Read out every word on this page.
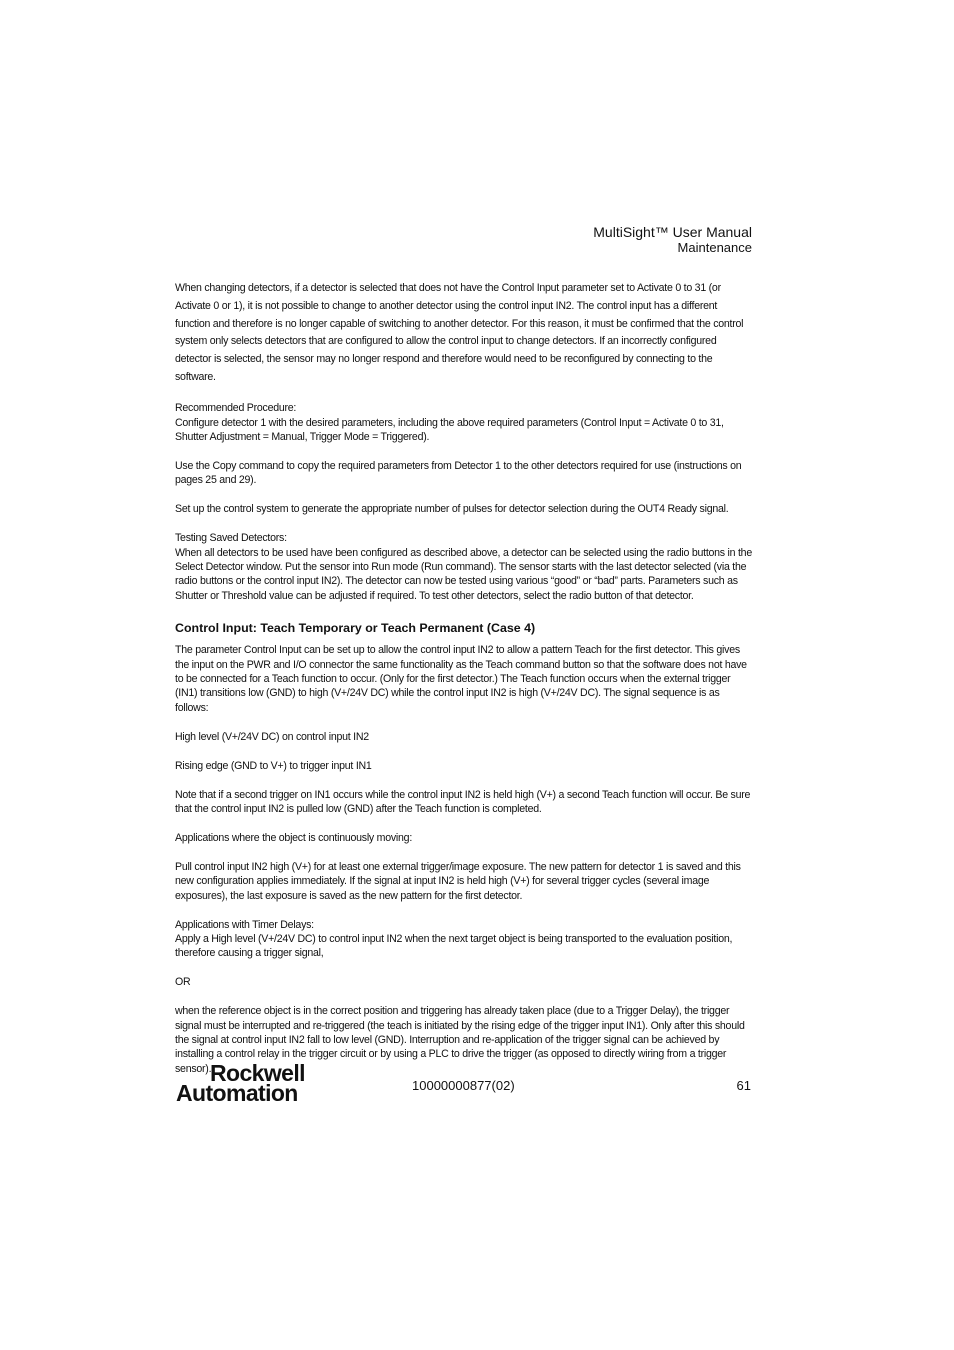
MultiSight™ User Manual
Maintenance

When changing detectors, if a detector is selected that does not have the Control Input parameter set to Activate 0 to 31 (or Activate 0 or 1), it is not possible to change to another detector using the control input IN2. The control input has a different function and therefore is no longer capable of switching to another detector. For this reason, it must be confirmed that the control system only selects detectors that are configured to allow the control input to change detectors. If an incorrectly configured detector is selected, the sensor may no longer respond and therefore would need to be reconfigured by connecting to the software.

Recommended Procedure:

Configure detector 1 with the desired parameters, including the above required parameters (Control Input = Activate 0 to 31, Shutter Adjustment = Manual, Trigger Mode = Triggered).

Use the Copy command to copy the required parameters from Detector 1 to the other detectors required for use (instructions on pages 25 and 29).

Set up the control system to generate the appropriate number of pulses for detector selection during the OUT4 Ready signal.

Testing Saved Detectors:

When all detectors to be used have been configured as described above, a detector can be selected using the radio buttons in the Select Detector window. Put the sensor into Run mode (Run command). The sensor starts with the last detector selected (via the radio buttons or the control input IN2). The detector can now be tested using various “good” or “bad” parts. Parameters such as Shutter or Threshold value can be adjusted if required. To test other detectors, select the radio button of that detector.

Control Input: Teach Temporary or Teach Permanent (Case 4)

The parameter Control Input can be set up to allow the control input IN2 to allow a pattern Teach for the first detector. This gives the input on the PWR and I/O connector the same functionality as the Teach command button so that the software does not have to be connected for a Teach function to occur. (Only for the first detector.) The Teach function occurs when the external trigger (IN1) transitions low (GND) to high (V+/24V DC) while the control input IN2 is high (V+/24V DC). The signal sequence is as follows:

High level (V+/24V DC) on control input IN2

Rising edge (GND to V+) to trigger input IN1

Note that if a second trigger on IN1 occurs while the control input IN2 is held high (V+) a second Teach function will occur. Be sure that the control input IN2 is pulled low (GND) after the Teach function is completed.

Applications where the object is continuously moving:

Pull control input IN2 high (V+) for at least one external trigger/image exposure. The new pattern for detector 1 is saved and this new configuration applies immediately. If the signal at input IN2 is held high (V+) for several trigger cycles (several image exposures), the last exposure is saved as the new pattern for the first detector.

Applications with Timer Delays:

Apply a High level (V+/24V DC) to control input IN2 when the next target object is being transported to the evaluation position, therefore causing a trigger signal,

OR

when the reference object is in the correct position and triggering has already taken place (due to a Trigger Delay), the trigger signal must be interrupted and re-triggered (the teach is initiated by the rising edge of the trigger input IN1). Only after this should the signal at control input IN2 fall to low level (GND). Interruption and re-application of the trigger signal can be achieved by installing a control relay in the trigger circuit or by using a PLC to drive the trigger (as opposed to directly wiring from a trigger sensor).

Rockwell
Automation	10000000877(02)	61
